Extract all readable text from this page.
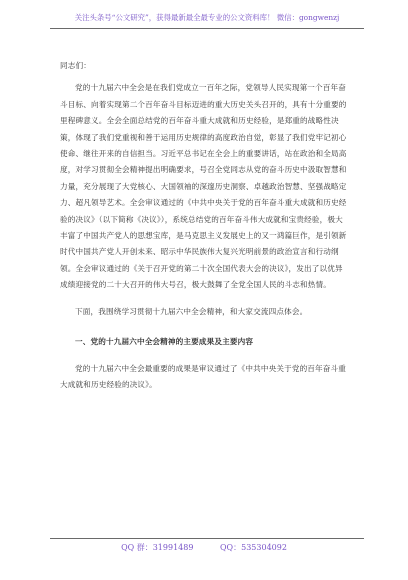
关注头条号“公文研究”，获得最新最全最专业的公文资料库！ 微信：gongwenzj

同志们：

党的十九届六中全会是在我们党成立一百年之际，党领导人民实现第一个百年奋斗目标、向着实现第二个百年奋斗目标迈进的重大历史关头召开的，具有十分重要的里程碑意义。全会全面总结党的百年奋斗重大成就和历史经验，是郑重的战略性决策，体现了我们党重视和善于运用历史规律的高度政治自觉，彰显了我们党牢记初心使命、继往开来的自信担当。习近平总书记在全会上的重要讲话，站在政治和全局高度，对学习贯彻全会精神提出明确要求，号召全党同志从党的奋斗历史中汲取智慧和力量，充分展现了大党核心、大国领袖的深邃历史洞察、卓越政治智慧、坚强战略定力、超凡领导艺术。全会审议通过的《中共中央关于党的百年奋斗重大成就和历史经验的决议》（以下简称《决议》），系统总结党的百年奋斗伟大成就和宝贵经验，极大丰富了中国共产党人的思想宝库，是马克思主义发展史上的又一鸿篇巨作，是引领新时代中国共产党人开创未来、昭示中华民族伟大复兴光明前景的政治宣言和行动纲领。全会审议通过的《关于召开党的第二十次全国代表大会的决议》，发出了以优异成绩迎接党的二十大召开的伟大号召，极大鼓舞了全党全国人民的斗志和热情。

下面，我围绕学习贯彻十九届六中全会精神，和大家交流四点体会。

一、党的十九届六中全会精神的主要成果及主要内容

党的十九届六中全会最重要的成果是审议通过了《中共中央关于党的百年奋斗重大成就和历史经验的决议》。

QQ 群：31991489	QQ：535304092
